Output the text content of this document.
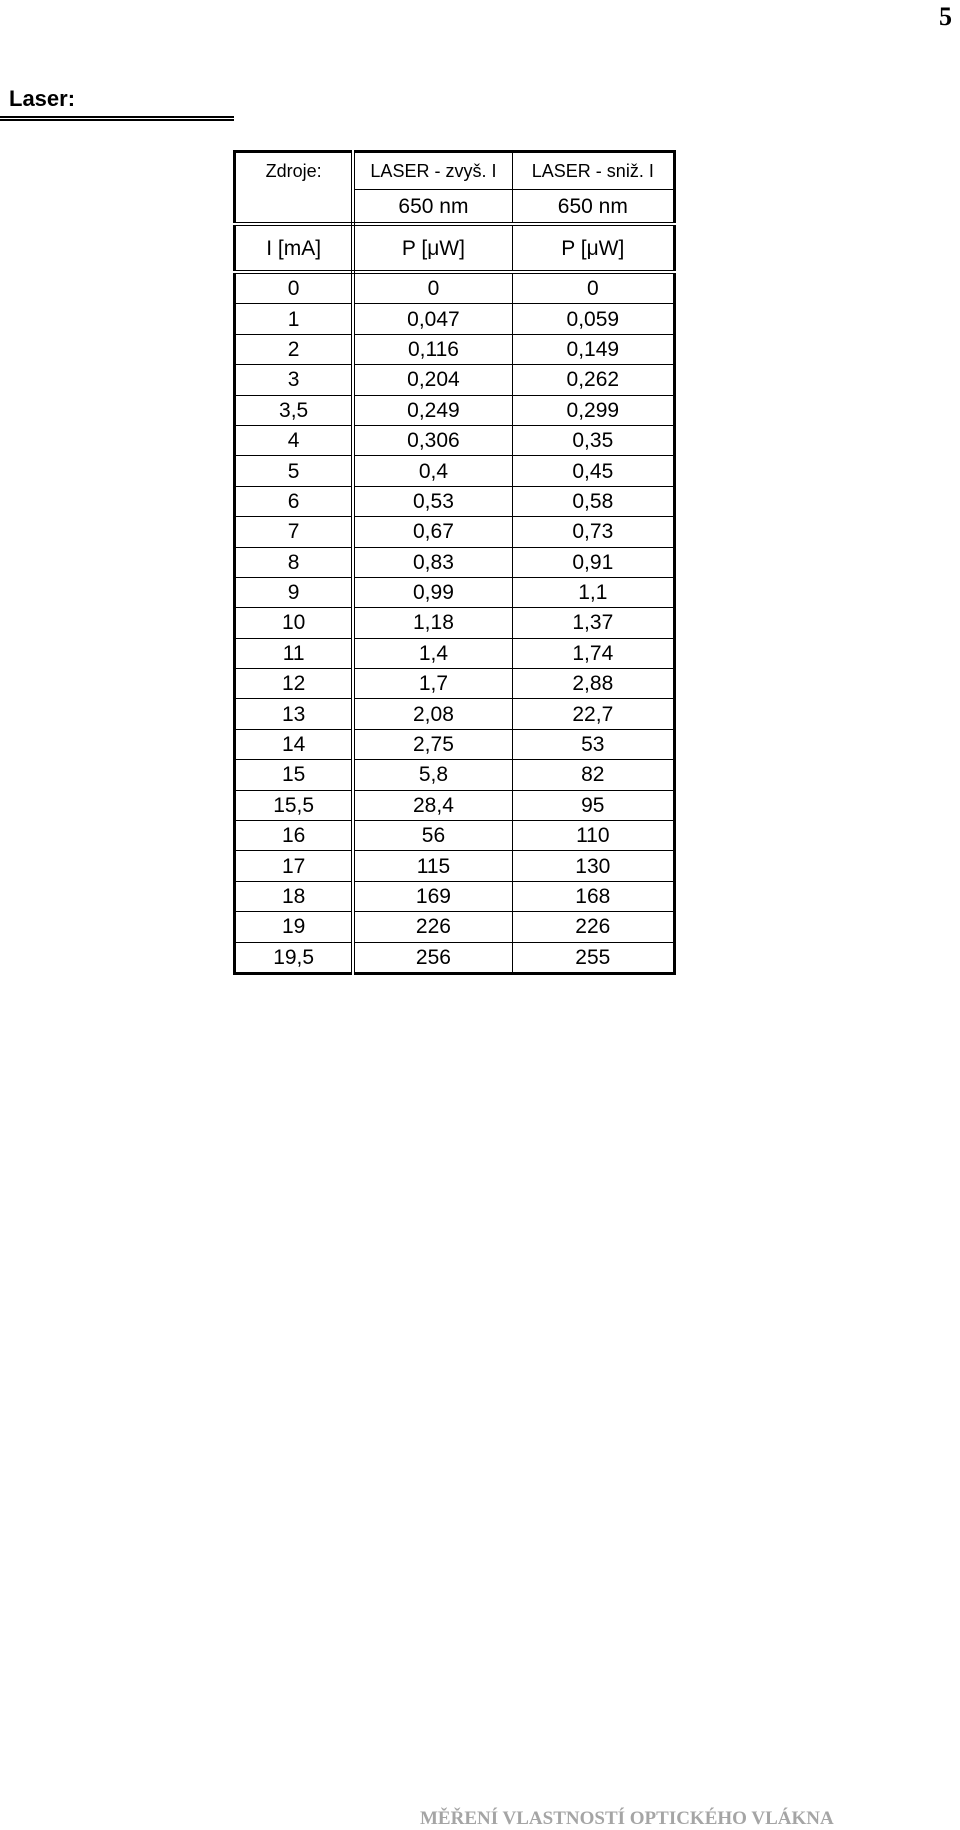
5
Laser:
Zdroje:	LASER - zvyš. I	LASER - sniž. I
	650 nm	650 nm
I [mA]	P [μW]	P [μW]
0	0	0
1	0,047	0,059
2	0,116	0,149
3	0,204	0,262
3,5	0,249	0,299
4	0,306	0,35
5	0,4	0,45
6	0,53	0,58
7	0,67	0,73
8	0,83	0,91
9	0,99	1,1
10	1,18	1,37
11	1,4	1,74
12	1,7	2,88
13	2,08	22,7
14	2,75	53
15	5,8	82
15,5	28,4	95
16	56	110
17	115	130
18	169	168
19	226	226
19,5	256	255
MĚŘENÍ VLASTNOSTÍ OPTICKÉHO VLÁKNA
